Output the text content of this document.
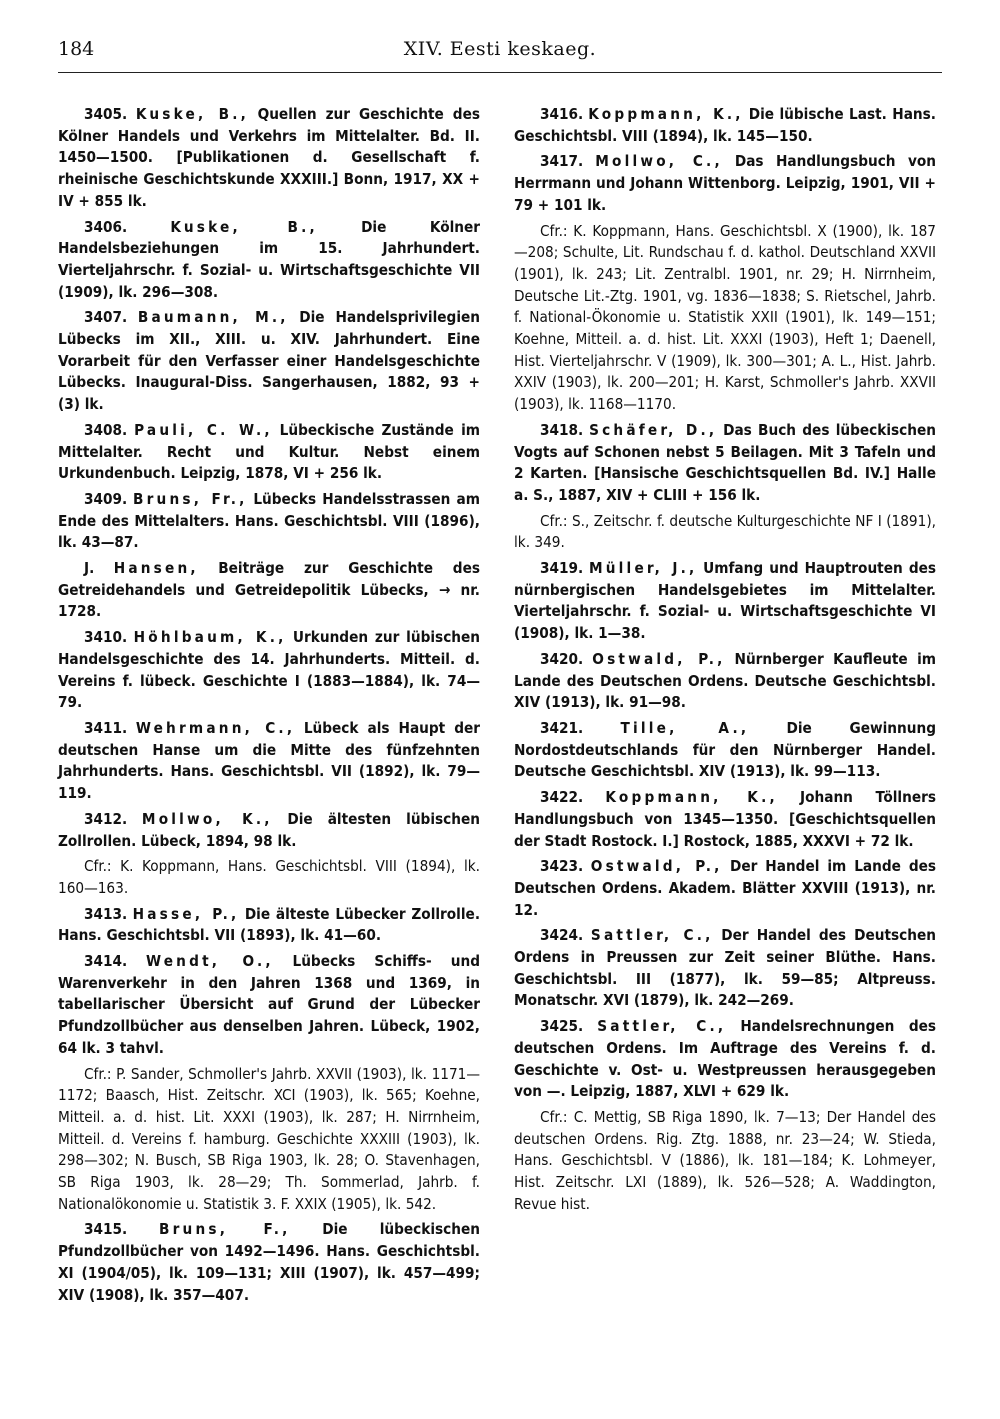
184	XIV. Eesti keskaeg.

3405. Kuske, B., Quellen zur Geschichte des Kölner Handels und Verkehrs im Mittelalter. Bd. II. 1450—1500. [Publikationen d. Gesellschaft f. rheinische Geschichtskunde XXXIII.] Bonn, 1917, XX + IV + 855 lk.

3406.	Kuske, B.,	Die Kölner Handelsbeziehungen im 15. Jahrhundert. Vierteljahrschr. f. Sozial- u. Wirtschaftsgeschichte VII (1909), lk. 296—308.

3407. Baumann, M., Die Handelsprivilegien Lübecks im XII., XIII. u. XIV. Jahrhundert. Eine Vorarbeit für den Verfasser einer Handelsgeschichte Lübecks. Inaugural-Diss. Sangerhausen, 1882, 93 + (3) lk.

3408. Pauli, C. W., Lübeckische Zustände im Mittelalter. Recht und Kultur. Nebst einem Urkundenbuch. Leipzig, 1878, VI + 256 lk.

3409. Bruns, Fr., Lübecks Handelsstrassen am Ende des Mittelalters. Hans. Geschichtsbl. VIII (1896), lk. 43—87.

J. Hansen, Beiträge zur Geschichte des Getreidehandels und Getreidepolitik Lübecks, → nr. 1728.

3410. Höhlbaum, K., Urkunden zur lübischen Handelsgeschichte des 14. Jahrhunderts. Mitteil. d. Vereins f. lübeck. Geschichte I (1883—1884), lk. 74—79.

3411. Wehrmann, C., Lübeck als Haupt der deutschen Hanse um die Mitte des fünfzehnten Jahrhunderts. Hans. Geschichtsbl. VII (1892), lk. 79—119.

3412. Mollwo, K., Die ältesten lübischen Zollrollen. Lübeck, 1894, 98 lk.

Cfr.: K. Koppmann, Hans. Geschichtsbl. VIII (1894), lk. 160—163.

3413. Hasse, P., Die älteste Lübecker Zollrolle. Hans. Geschichtsbl. VII (1893), lk. 41—60.

3414. Wendt, O., Lübecks Schiffs- und Warenverkehr in den Jahren 1368 und 1369, in tabellarischer Übersicht auf Grund der Lübecker Pfundzollbücher aus denselben Jahren. Lübeck, 1902, 64 lk. 3 tahvl.

Cfr.: P. Sander, Schmoller's Jahrb. XXVII (1903), lk. 1171—1172; Baasch, Hist. Zeitschr. XCI (1903), lk. 565; Koehne, Mitteil. a. d. hist. Lit. XXXI (1903), lk. 287; H. Nirrnheim, Mitteil. d. Vereins f. hamburg. Geschichte XXXIII (1903), lk. 298—302; N. Busch, SB Riga 1903, lk. 28; O. Stavenhagen, SB Riga 1903, lk. 28—29; Th. Sommerlad, Jahrb. f. Nationalökonomie u. Statistik 3. F. XXIX (1905), lk. 542.

3415. Bruns, F., Die lübeckischen Pfundzollbücher von 1492—1496. Hans. Geschichtsbl. XI (1904/05), lk. 109—131; XIII (1907), lk. 457—499; XIV (1908), lk. 357—407.

3416. Koppmann, K., Die lübische Last. Hans. Geschichtsbl. VIII (1894), lk. 145—150.

3417. Mollwo, C., Das Handlungsbuch von Herrmann und Johann Wittenborg. Leipzig, 1901, VII + 79 + 101 lk.

Cfr.: K. Koppmann, Hans. Geschichtsbl. X (1900), lk. 187—208; Schulte, Lit. Rundschau f. d. kathol. Deutschland XXVII (1901), lk. 243; Lit. Zentralbl. 1901, nr. 29; H. Nirrnheim, Deutsche Lit.-Ztg. 1901, vg. 1836—1838; S. Rietschel, Jahrb. f. National-Ökonomie u. Statistik XXII (1901), lk. 149—151; Koehne, Mitteil. a. d. hist. Lit. XXXI (1903), Heft 1; Daenell, Hist. Vierteljahrschr. V (1909), lk. 300—301; A. L., Hist. Jahrb. XXIV (1903), lk. 200—201; H. Karst, Schmoller's Jahrb. XXVII (1903), lk. 1168—1170.

3418. Schäfer, D., Das Buch des lübeckischen Vogts auf Schonen nebst 5 Beilagen. Mit 3 Tafeln und 2 Karten. [Hansische Geschichtsquellen Bd. IV.] Halle a. S., 1887, XIV + CLIII + 156 lk.

Cfr.: S., Zeitschr. f. deutsche Kulturgeschichte NF I (1891), lk. 349.

3419. Müller, J., Umfang und Hauptrouten des nürnbergischen Handelsgebietes im Mittelalter. Vierteljahrschr. f. Sozial- u. Wirtschaftsgeschichte VI (1908), lk. 1—38.

3420. Ostwald, P., Nürnberger Kaufleute im Lande des Deutschen Ordens. Deutsche Geschichtsbl. XIV (1913), lk. 91—98.

3421. Tille, A., Die Gewinnung Nordostdeutschlands für den Nürnberger Handel. Deutsche Geschichtsbl. XIV (1913), lk. 99—113.

3422. Koppmann, K., Johann Töllners Handlungsbuch von 1345—1350. [Geschichtsquellen der Stadt Rostock. I.] Rostock, 1885, XXXVI + 72 lk.

3423. Ostwald, P., Der Handel im Lande des Deutschen Ordens. Akadem. Blätter XXVIII (1913), nr. 12.

3424. Sattler, C., Der Handel des Deutschen Ordens in Preussen zur Zeit seiner Blüthe. Hans. Geschichtsbl. III (1877), lk. 59—85; Altpreuss. Monatschr. XVI (1879), lk. 242—269.

3425. Sattler, C., Handelsrechnungen des deutschen Ordens. Im Auftrage des Vereins f. d. Geschichte v. Ost- u. Westpreussen herausgegeben von —. Leipzig, 1887, XLVI + 629 lk.

Cfr.: C. Mettig, SB Riga 1890, lk. 7—13; Der Handel des deutschen Ordens. Rig. Ztg. 1888, nr. 23—24; W. Stieda, Hans. Geschichtsbl. V (1886), lk. 181—184; K. Lohmeyer, Hist. Zeitschr. LXI (1889), lk. 526—528; A. Waddington, Revue hist.
